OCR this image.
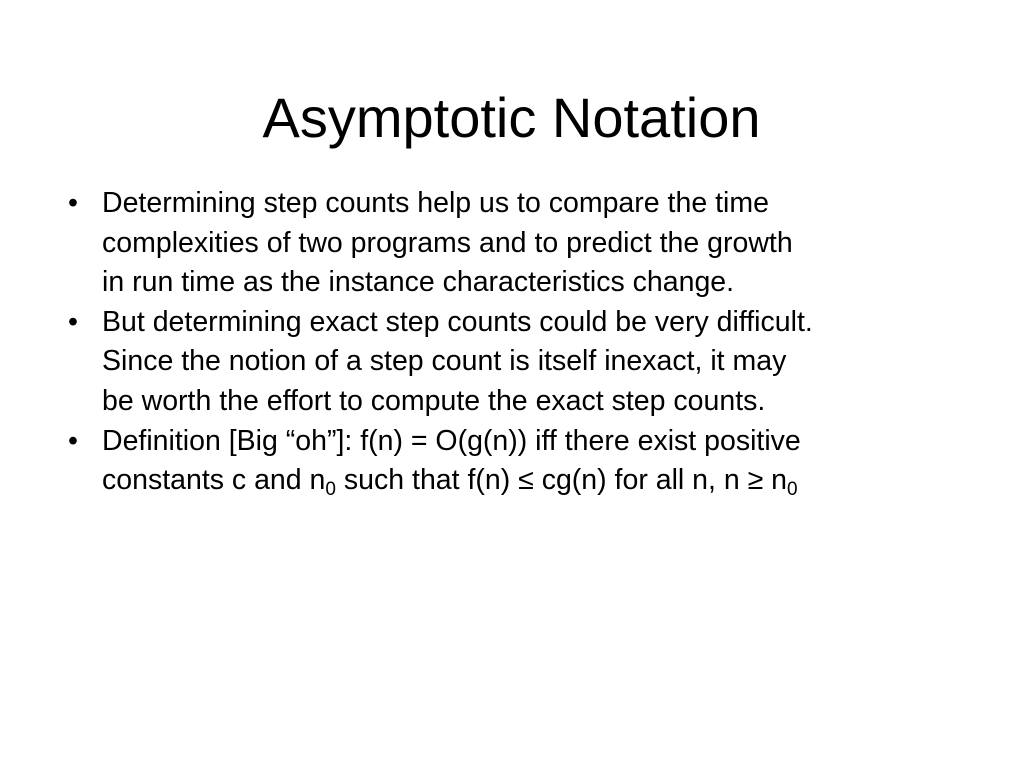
Asymptotic Notation
• Determining step counts help us to compare the time
complexities of two programs and to predict the growth
in run time as the instance characteristics change.
• But determining exact step counts could be very difficult.
Since the notion of a step count is itself inexact, it may
be worth the effort to compute the exact step counts.
• Definition [Big “oh”]: f(n) = O(g(n)) iff there exist positive
constants c and $n_0$ such that f(n) ≤ cg(n) for all n, $n \ge n_0$
